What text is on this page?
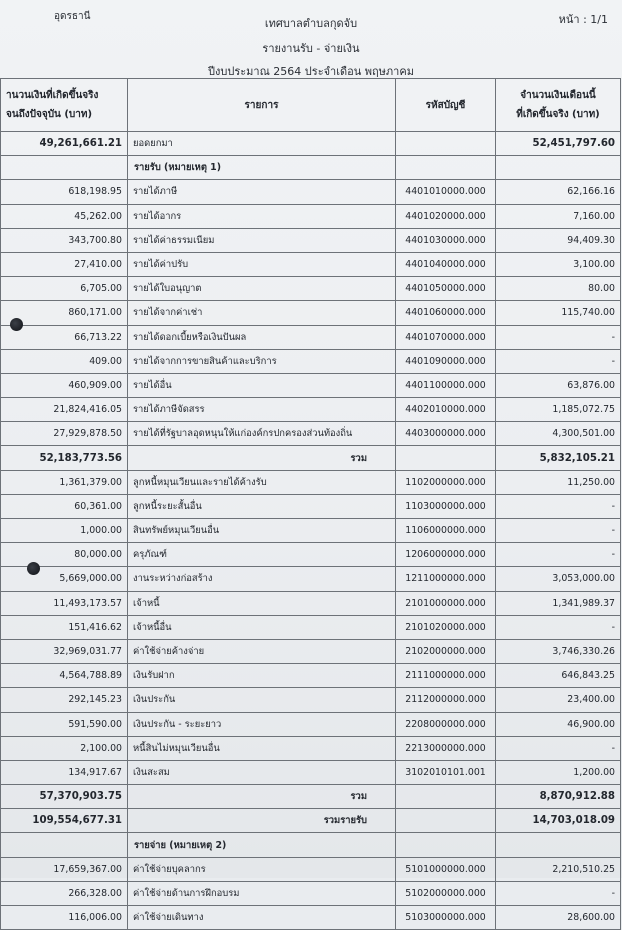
อุดรธานี	หน้า : 1/1
เทศบาลตำบลกุดจับ
รายงานรับ - จ่ายเงิน
ปีงบประมาณ 2564 ประจำเดือน พฤษภาคม
านวนเงินที่เกิดขึ้นจริง
จนถึงปัจจุบัน (บาท)	รายการ	รหัสบัญชี	จำนวนเงินเดือนนี้
ที่เกิดขึ้นจริง (บาท)
49,261,661.21	ยอดยกมา		52,451,797.60
	รายรับ (หมายเหตุ 1)		
618,198.95	รายได้ภาษี	4401010000.000	62,166.16
45,262.00	รายได้อากร	4401020000.000	7,160.00
343,700.80	รายได้ค่าธรรมเนียม	4401030000.000	94,409.30
27,410.00	รายได้ค่าปรับ	4401040000.000	3,100.00
6,705.00	รายได้ใบอนุญาต	4401050000.000	80.00
860,171.00	รายได้จากค่าเช่า	4401060000.000	115,740.00
66,713.22	รายได้ดอกเบี้ยหรือเงินปันผล	4401070000.000	-
409.00	รายได้จากการขายสินค้าและบริการ	4401090000.000	-
460,909.00	รายได้อื่น	4401100000.000	63,876.00
21,824,416.05	รายได้ภาษีจัดสรร	4402010000.000	1,185,072.75
27,929,878.50	รายได้ที่รัฐบาลอุดหนุนให้แก่องค์กรปกครองส่วนท้องถิ่น	4403000000.000	4,300,501.00
52,183,773.56	รวม		5,832,105.21
1,361,379.00	ลูกหนี้หมุนเวียนและรายได้ค้างรับ	1102000000.000	11,250.00
60,361.00	ลูกหนี้ระยะสั้นอื่น	1103000000.000	-
1,000.00	สินทรัพย์หมุนเวียนอื่น	1106000000.000	-
80,000.00	ครุภัณฑ์	1206000000.000	-
5,669,000.00	งานระหว่างก่อสร้าง	1211000000.000	3,053,000.00
11,493,173.57	เจ้าหนี้	2101000000.000	1,341,989.37
151,416.62	เจ้าหนี้อื่น	2101020000.000	-
32,969,031.77	ค่าใช้จ่ายค้างจ่าย	2102000000.000	3,746,330.26
4,564,788.89	เงินรับฝาก	2111000000.000	646,843.25
292,145.23	เงินประกัน	2112000000.000	23,400.00
591,590.00	เงินประกัน - ระยะยาว	2208000000.000	46,900.00
2,100.00	หนี้สินไม่หมุนเวียนอื่น	2213000000.000	-
134,917.67	เงินสะสม	3102010101.001	1,200.00
57,370,903.75	รวม		8,870,912.88
109,554,677.31	รวมรายรับ		14,703,018.09
	รายจ่าย (หมายเหตุ 2)		
17,659,367.00	ค่าใช้จ่ายบุคลากร	5101000000.000	2,210,510.25
266,328.00	ค่าใช้จ่ายด้านการฝึกอบรม	5102000000.000	-
116,006.00	ค่าใช้จ่ายเดินทาง	5103000000.000	28,600.00
